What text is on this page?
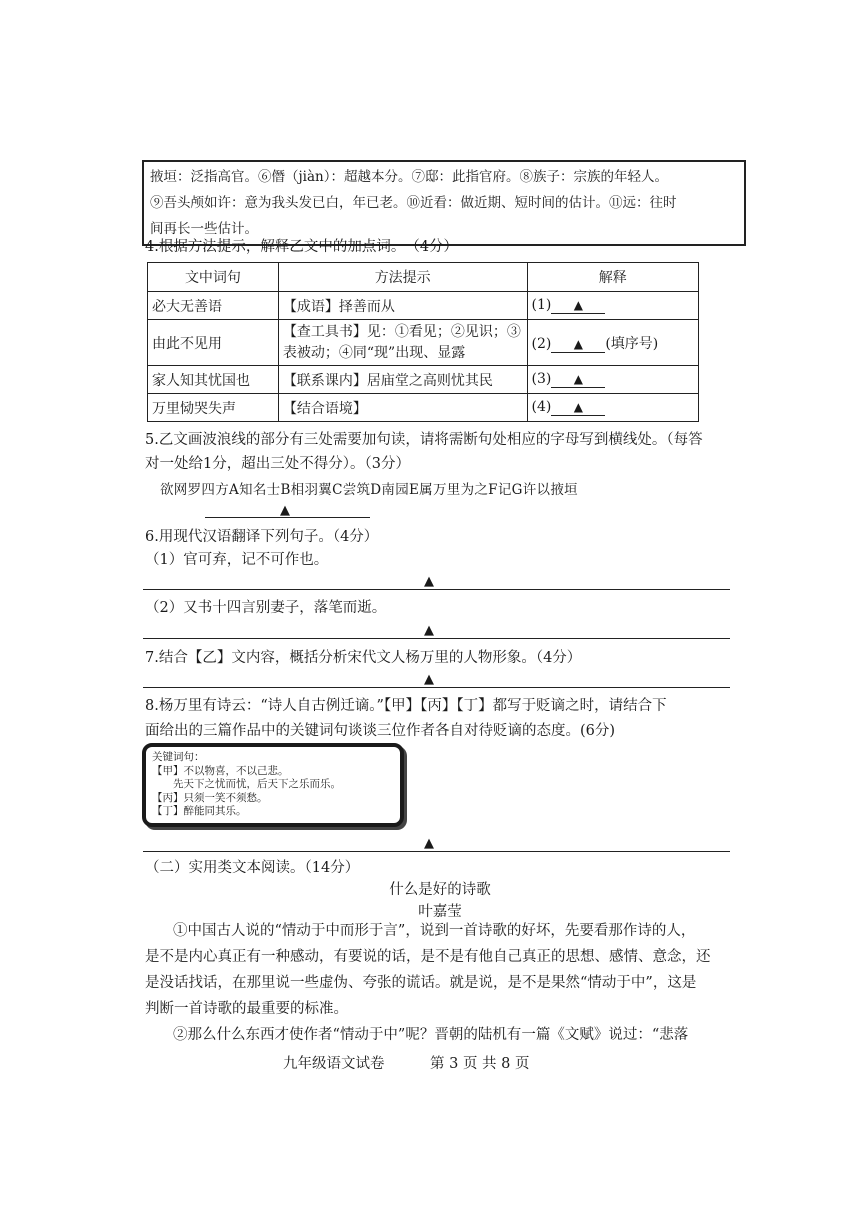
掖垣：泛指高官。⑥僭（jiàn）：超越本分。⑦邸：此指官府。⑧族子：宗族的年轻人。
⑨吾头颅如许：意为我头发已白，年已老。⑩近看：做近期、短时间的估计。⑪远：往时
间再长一些估计。
4.根据方法提示，解释乙文中的加点词。　（4分）
文中词句	方法提示	解释
必大无善语	【成语】择善而从	(1) ▲
由此不见用	【查工具书】见：①看见；②见识；③表被动；④同“现”出现、显露	(2) ▲ (填序号)
家人知其忧国也	【联系课内】居庙堂之高则忧其民	(3) ▲
万里恸哭失声	【结合语境】	(4) ▲
5.乙文画波浪线的部分有三处需要加句读，请将需断句处相应的字母写到横线处。（每答
对一处给1分，超出三处不得分）。（3分）
欲网罗四方A知名士B相羽翼C尝筑D南园E属万里为之F记G许以掖垣
▲
6.用现代汉语翻译下列句子。（4分）
（1）官可弃，记不可作也。
▲
（2）又书十四言别妻子，落笔而逝。
▲
7.结合【乙】文内容，概括分析宋代文人杨万里的人物形象。（4分）
▲
8.杨万里有诗云：“诗人自古例迁谪。”【甲】【丙】【丁】都写于贬谪之时，请结合下
面给出的三篇作品中的关键词句谈谈三位作者各自对待贬谪的态度。(6分)
关键词句：
【甲】不以物喜，不以己悲。
　　先天下之忧而忧，后天下之乐而乐。
【丙】只须一笑不须愁。
【丁】醉能同其乐。
▲
（二）实用类文本阅读。（14分）
什么是好的诗歌
叶嘉莹
①中国古人说的“情动于中而形于言”，说到一首诗歌的好坏，先要看那作诗的人，
是不是内心真正有一种感动，有要说的话，是不是有他自己真正的思想、感情、意念，还
是没话找话，在那里说一些虚伪、夸张的谎话。就是说，是不是果然“情动于中”，这是
判断一首诗歌的最重要的标准。
②那么什么东西才使作者“情动于中”呢？晋朝的陆机有一篇《文赋》说过：“悲落
九年级语文试卷	第 3 页 共 8 页
